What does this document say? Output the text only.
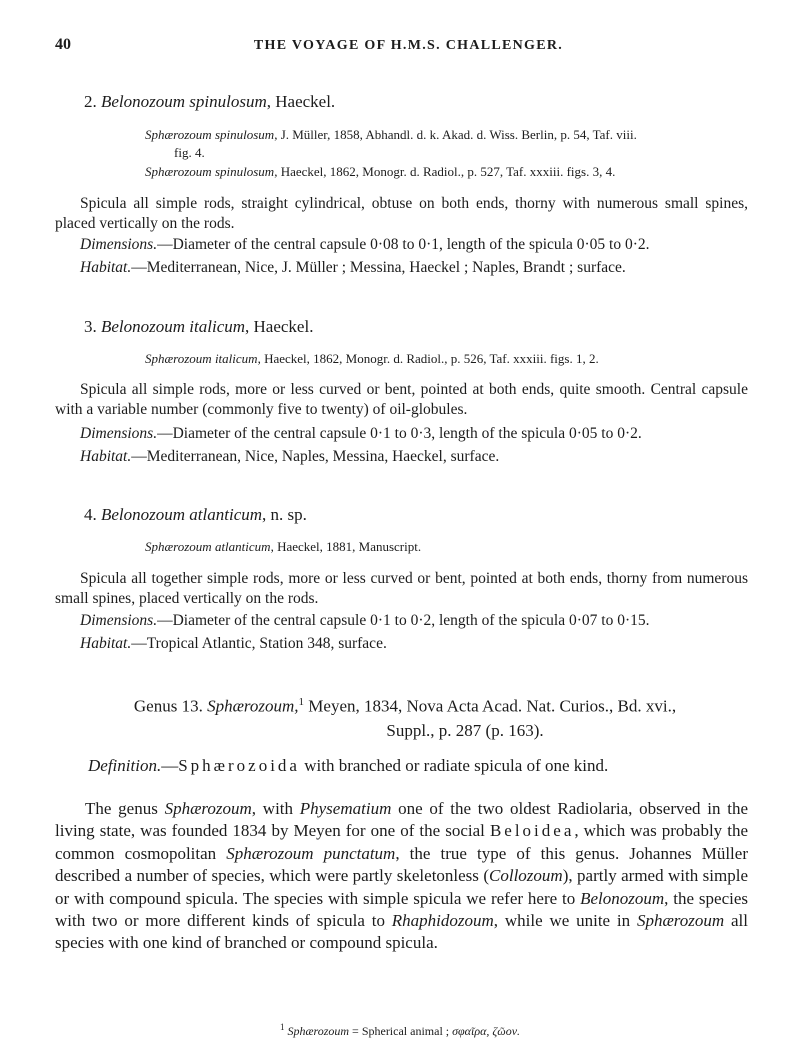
40	THE VOYAGE OF H.M.S. CHALLENGER.
2. Belonozoum spinulosum, Haeckel.
Sphærozoum spinulosum, J. Müller, 1858, Abhandl. d. k. Akad. d. Wiss. Berlin, p. 54, Taf. viii.
fig. 4.
Sphærozoum spinulosum, Haeckel, 1862, Monogr. d. Radiol., p. 527, Taf. xxxiii. figs. 3, 4.
Spicula all simple rods, straight cylindrical, obtuse on both ends, thorny with numerous small spines, placed vertically on the rods.
Dimensions.—Diameter of the central capsule 0·08 to 0·1, length of the spicula 0·05 to 0·2.
Habitat.—Mediterranean, Nice, J. Müller ; Messina, Haeckel ; Naples, Brandt ; surface.
3. Belonozoum italicum, Haeckel.
Sphærozoum italicum, Haeckel, 1862, Monogr. d. Radiol., p. 526, Taf. xxxiii. figs. 1, 2.
Spicula all simple rods, more or less curved or bent, pointed at both ends, quite smooth. Central capsule with a variable number (commonly five to twenty) of oil-globules.
Dimensions.—Diameter of the central capsule 0·1 to 0·3, length of the spicula 0·05 to 0·2.
Habitat.—Mediterranean, Nice, Naples, Messina, Haeckel, surface.
4. Belonozoum atlanticum, n. sp.
Sphærozoum atlanticum, Haeckel, 1881, Manuscript.
Spicula all together simple rods, more or less curved or bent, pointed at both ends, thorny from numerous small spines, placed vertically on the rods.
Dimensions.—Diameter of the central capsule 0·1 to 0·2, length of the spicula 0·07 to 0·15.
Habitat.—Tropical Atlantic, Station 348, surface.
Genus 13. Sphærozoum,$^1$ Meyen, 1834, Nova Acta Acad. Nat. Curios., Bd. xvi.,
Suppl., p. 287 (p. 163).
Definition.—Sphærozoida with branched or radiate spicula of one kind.
The genus Sphærozoum, with Physematium one of the two oldest Radiolaria, observed in the living state, was founded 1834 by Meyen for one of the social Beloidea, which was probably the common cosmopolitan Sphærozoum punctatum, the true type of this genus. Johannes Müller described a number of species, which were partly skeletonless (Collozoum), partly armed with simple or with compound spicula. The species with simple spicula we refer here to Belonozoum, the species with two or more different kinds of spicula to Rhaphidozoum, while we unite in Sphærozoum all species with one kind of branched or compound spicula.
$^1$ Sphærozoum = Spherical animal ; σφαῖρα, ζῶον.
